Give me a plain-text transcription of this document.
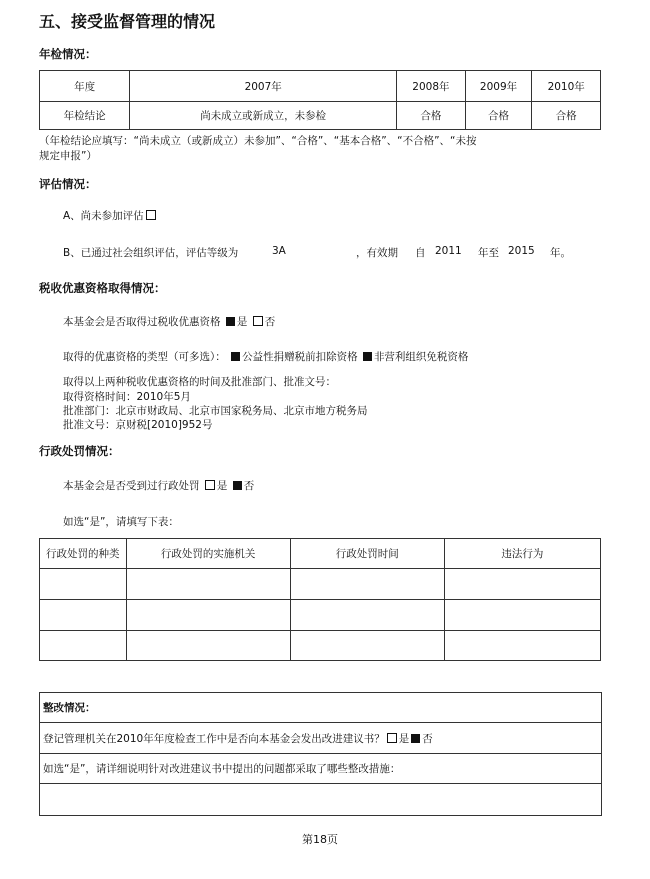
五、接受监督管理的情况
年检情况：
年度	2007年	2008年	2009年	2010年
年检结论	尚未成立或新成立，未参检	合格	合格	合格
（年检结论应填写：“尚未成立（或新成立）未参加”、“合格”、“基本合格”、“不合格”、“未按
规定申报”）
评估情况：
A、尚未参加评估
B、已通过社会组织评估，评估等级为	3A	，有效期 自 2011 年至 2015 年。
税收优惠资格取得情况：
本基金会是否取得过税收优惠资格 是 否
取得的优惠资格的类型（可多选）： 公益性捐赠税前扣除资格 非营利组织免税资格
取得以上两种税收优惠资格的时间及批准部门、批准文号：
取得资格时间：2010年5月
批准部门：北京市财政局、北京市国家税务局、北京市地方税务局
批准文号：京财税[2010]952号
行政处罚情况：
本基金会是否受到过行政处罚 是 否
如选“是”，请填写下表：
行政处罚的种类	行政处罚的实施机关	行政处罚时间	违法行为

整改情况：
登记管理机关在2010年年度检查工作中是否向本基金会发出改进建议书？ 是 否
如选“是”，请详细说明针对改进建议书中提出的问题都采取了哪些整改措施：
第18页
